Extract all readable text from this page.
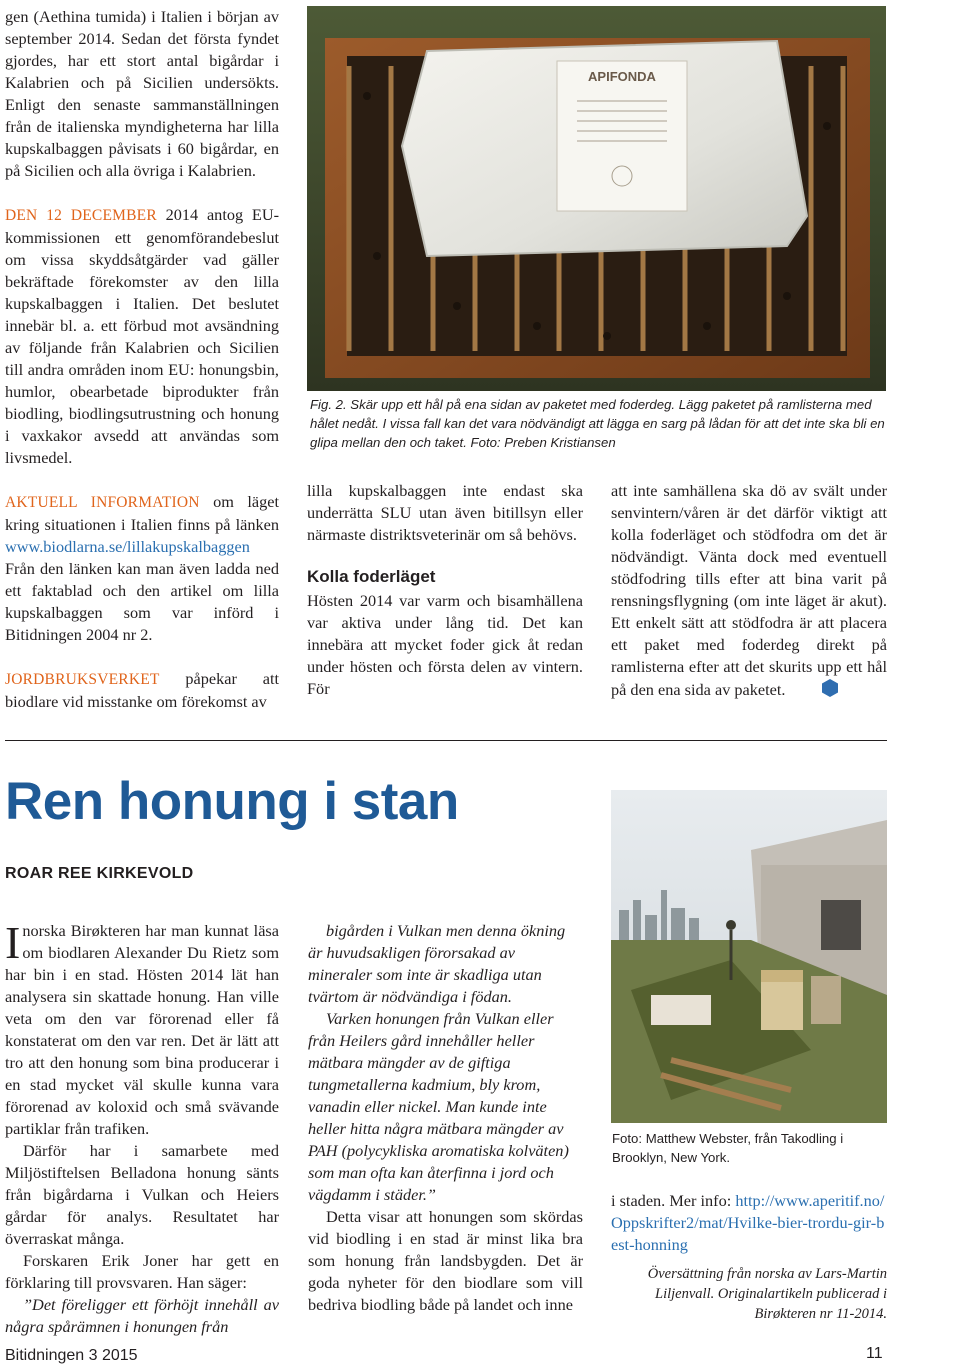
gen (Aethina tumida) i Italien i början av september 2014. Sedan det första fyndet gjordes, har ett stort antal bigårdar i Kalabrien och på Sicilien undersökts. Enligt den senaste sammanställningen från de italienska myndigheterna har lilla kupskalbaggen påvisats i 60 bigårdar, en på Sicilien och alla övriga i Kalabrien.

DEN 12 DECEMBER 2014 antog EU-kommissionen ett genomförandebeslut om vissa skyddsåtgärder vad gäller bekräftade förekomster av den lilla kupskalbaggen i Italien. Det beslutet innebär bl. a. ett förbud mot avsändning av följande från Kalabrien och Sicilien till andra områden inom EU: honungsbin, humlor, obearbetade biprodukter från biodling, biodlingsutrustning och honung i vaxkakor avsedd att användas som livsmedel.

AKTUELL INFORMATION om läget kring situationen i Italien finns på länken www.biodlarna.se/lillakupskalbaggen Från den länken kan man även ladda ned ett faktablad och den artikel om lilla kupskalbaggen som var införd i Bitidningen 2004 nr 2.

JORDBRUKSVERKET påpekar att biodlare vid misstanke om förekomst av

APIFONDA
Fig. 2. Skär upp ett hål på ena sidan av paketet med foderdeg. Lägg paketet på ramlisterna med hålet nedåt. I vissa fall kan det vara nödvändigt att lägga en sarg på lådan för att det inte ska bli en glipa mellan den och taket. Foto: Preben Kristiansen

lilla kupskalbaggen inte endast ska underrätta SLU utan även bitillsyn eller närmaste distriktsveterinär om så behövs.

Kolla foderläget

Hösten 2014 var varm och bisamhällena var aktiva under lång tid. Det kan innebära att mycket foder gick åt redan under hösten och första delen av vintern. För

att inte samhällena ska dö av svält under senvintern/våren är det därför viktigt att kolla foderläget och stödfodra om det är nödvändigt. Vänta dock med eventuell stödfodring tills efter att bina varit på rensningsflygning (om inte läget är akut). Ett enkelt sätt att stödfodra är att placera ett paket med foderdeg direkt på ramlisterna efter att det skurits upp ett hål på den ena sida av paketet.

Ren honung i stan
ROAR REE KIRKEVOLD

Inorska Birøkteren har man kunnat läsa om biodlaren Alexander Du Rietz som har bin i en stad. Hösten 2014 lät han analysera sin skattade honung. Han ville veta om den var förorenad eller få konstaterat om den var ren. Det är lätt att tro att den honung som bina producerar i en stad mycket väl skulle kunna vara förorenad av koloxid och små svävande partiklar från trafiken.

Därför har i samarbete med Miljöstiftelsen Belladona honung sänts från bigårdarna i Vulkan och Heiers gårdar för analys. Resultatet har överraskat många.

Forskaren Erik Joner har gett en förklaring till provsvaren. Han säger:

”Det föreligger ett förhöjt innehåll av några spårämnen i honungen från

bigården i Vulkan men denna ökning är huvudsakligen förorsakad av mineraler som inte är skadliga utan tvärtom är nödvändiga i födan.

Varken honungen från Vulkan eller från Heilers gård innehåller heller mätbara mängder av de giftiga tungmetallerna kadmium, bly krom, vanadin eller nickel. Man kunde inte heller hitta några mätbara mängder av PAH (polycykliska aromatiska kolväten) som man ofta kan återfinna i jord och vägdamm i städer.”

Detta visar att honungen som skördas vid biodling i en stad är minst lika bra som honung från landsbygden. Det är goda nyheter för den biodlare som vill bedriva biodling både på landet och inne

Foto: Matthew Webster, från Takodling i Brooklyn, New York.

i staden. Mer info: http://www.aperitif.no/Oppskrifter2/mat/Hvilke-bier-trordu-gir-best-honning

Översättning från norska av Lars-Martin Liljenvall. Originalartikeln publicerad i Birøkteren nr 11-2014.

Bitidningen 3 2015	11
